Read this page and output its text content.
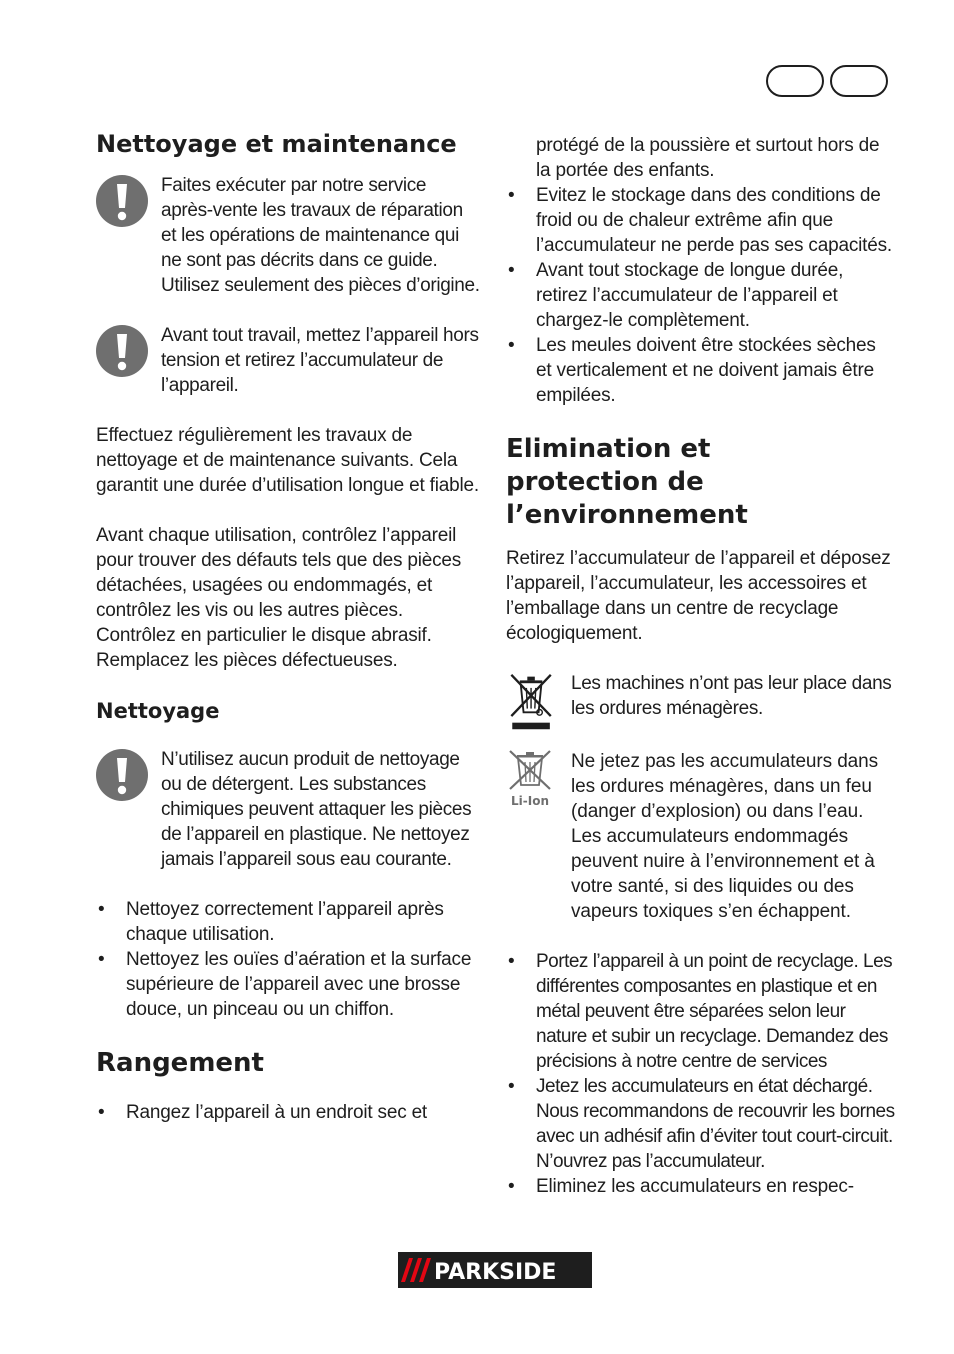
Nettoyage et maintenance
Faites exécuter par notre service après-vente les travaux de réparation et les opérations de maintenance qui ne sont pas décrits dans ce guide. Utilisez seulement des pièces d’origine.
Avant tout travail, mettez l’appareil hors tension et retirez l’accumulateur de l’appareil.

Effectuez régulièrement les travaux de nettoyage et de maintenance suivants. Cela garantit une durée d’utilisation longue et fiable.

Avant chaque utilisation, contrôlez l’appareil pour trouver des défauts tels que des pièces détachées, usagées ou endommagés, et contrôlez les vis ou les autres pièces. Contrôlez en particulier le disque abrasif. Remplacez les pièces défectueuses.

Nettoyage
N’utilisez aucun produit de nettoyage ou de détergent. Les substances chimiques peuvent attaquer les pièces de l’appareil en plastique. Ne nettoyez jamais l’appareil sous eau courante.
• Nettoyez correctement l’appareil après chaque utilisation.
• Nettoyez les ouïes d’aération et la surface supérieure de l’appareil avec une brosse douce, un pinceau ou un chiffon.
Rangement
• Rangez l’appareil à un endroit sec et

protégé de la poussière et surtout hors de la portée des enfants.

• Evitez le stockage dans des conditions de froid ou de chaleur extrême afin que l’accumulateur ne perde pas ses capacités.
• Avant tout stockage de longue durée, retirez l’accumulateur de l’appareil et chargez-le complètement.
• Les meules doivent être stockées sèches et verticalement et ne doivent jamais être empilées.
Elimination et protection de l’environnement

Retirez l’accumulateur de l’appareil et déposez l’appareil, l’accumulateur, les accessoires et l’emballage dans un centre de recyclage écologiquement.

Les machines n’ont pas leur place dans les ordures ménagères.
Li-Ion
Ne jetez pas les accumulateurs dans les ordures ménagères, dans un feu (danger d’explosion) ou dans l’eau. Les accumulateurs endommagés peuvent nuire à l’environnement et à votre santé, si des liquides ou des vapeurs toxiques s’en échappent.
• Portez l’appareil à un point de recyclage. Les différentes composantes en plastique et en métal peuvent être séparées selon leur nature et subir un recyclage. Demandez des précisions à notre centre de services
• Jetez les accumulateurs en état déchargé. Nous recommandons de recouvrir les bornes avec un adhésif afin d’éviter tout court-circuit. N’ouvrez pas l’accumulateur.
• Eliminez les accumulateurs en respec-
PARKSIDE
